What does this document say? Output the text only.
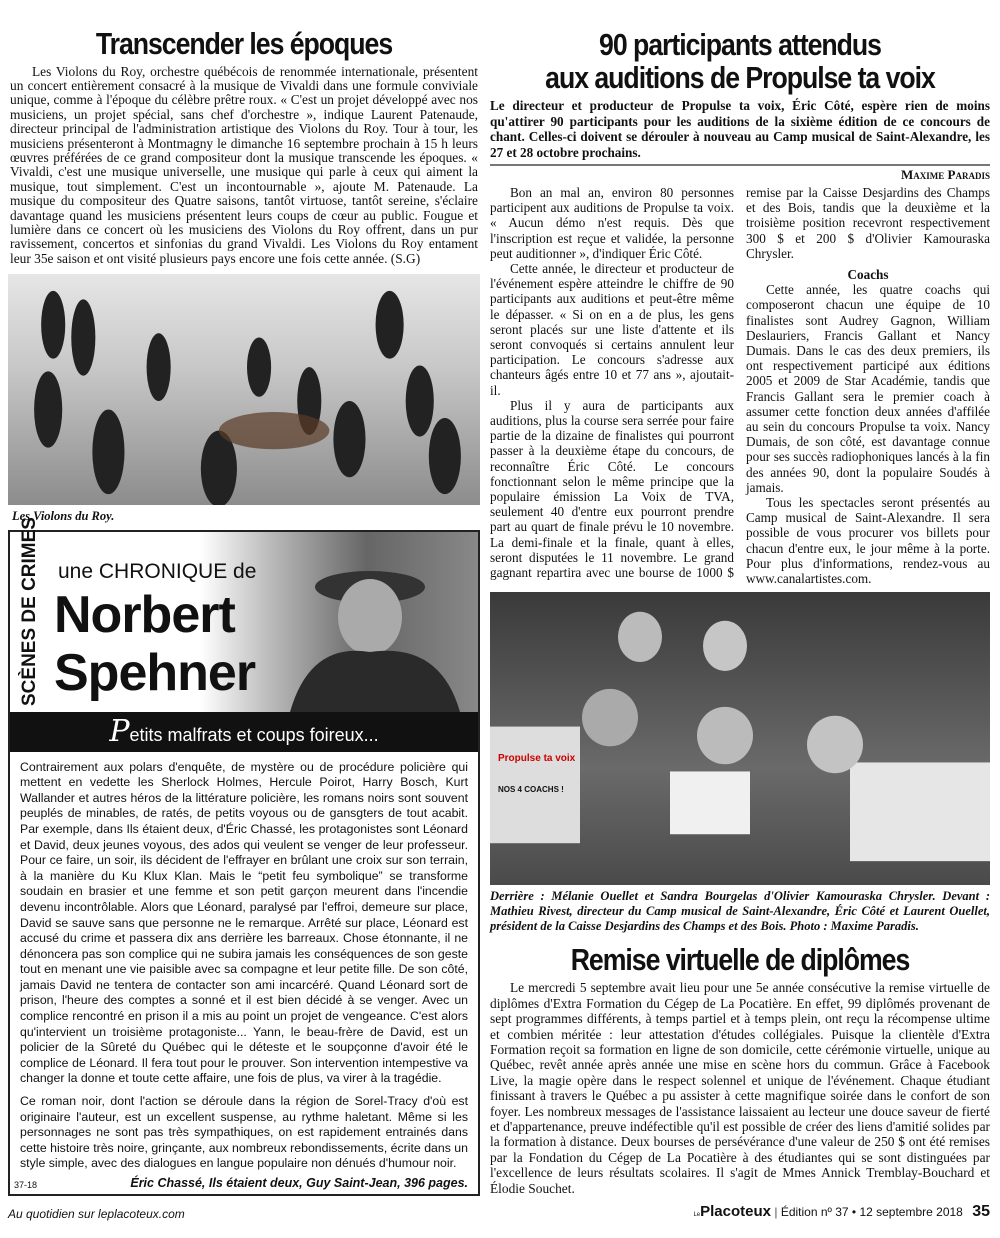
Transcender les époques

Les Violons du Roy, orchestre québécois de renommée internationale, présentent un concert entièrement consacré à la musique de Vivaldi dans une formule conviviale unique, comme à l'époque du célèbre prêtre roux. « C'est un projet développé avec nos musiciens, un projet spécial, sans chef d'orchestre », indique Laurent Patenaude, directeur principal de l'administration artistique des Violons du Roy. Tour à tour, les musiciens présenteront à Montmagny le dimanche 16 septembre prochain à 15 h leurs œuvres préférées de ce grand compositeur dont la musique transcende les époques. « Vivaldi, c'est une musique universelle, une musique qui parle à ceux qui aiment la musique, tout simplement. C'est un incontournable », ajoute M. Patenaude. La musique du compositeur des Quatre saisons, tantôt virtuose, tantôt sereine, s'éclaire davantage quand les musiciens présentent leurs coups de cœur au public. Fougue et lumière dans ce concert où les musiciens des Violons du Roy offrent, dans un pur ravissement, concertos et sinfonias du grand Vivaldi. Les Violons du Roy entament leur 35e saison et ont visité plusieurs pays encore une fois cette année. (S.G)

Les Violons du Roy.
SCÈNES DE CRIMES une CHRONIQUE de
Norbert
Spehner
Petits malfrats et coups foireux...

Contrairement aux polars d'enquête, de mystère ou de procédure policière qui mettent en vedette les Sherlock Holmes, Hercule Poirot, Harry Bosch, Kurt Wallander et autres héros de la littérature policière, les romans noirs sont souvent peuplés de minables, de ratés, de petits voyous ou de gansgters de tout acabit. Par exemple, dans Ils étaient deux, d'Éric Chassé, les protagonistes sont Léonard et David, deux jeunes voyous, des ados qui veulent se venger de leur professeur. Pour ce faire, un soir, ils décident de l'effrayer en brûlant une croix sur son terrain, à la manière du Ku Klux Klan. Mais le “petit feu symbolique” se transforme soudain en brasier et une femme et son petit garçon meurent dans l'incendie devenu incontrôlable. Alors que Léonard, paralysé par l'effroi, demeure sur place, David se sauve sans que personne ne le remarque. Arrêté sur place, Léonard est accusé du crime et passera dix ans derrière les barreaux. Chose étonnante, il ne dénoncera pas son complice qui ne subira jamais les conséquences de son geste tout en menant une vie paisible avec sa compagne et leur petite fille. De son côté, jamais David ne tentera de contacter son ami incarcéré. Quand Léonard sort de prison, l'heure des comptes a sonné et il est bien décidé à se venger. Avec un complice rencontré en prison il a mis au point un projet de vengeance. C'est alors qu'intervient un troisième protagoniste... Yann, le beau-frère de David, est un policier de la Sûreté du Québec qui le déteste et le soupçonne d'avoir été le complice de Léonard. Il fera tout pour le prouver. Son intervention intempestive va changer la donne et toute cette affaire, une fois de plus, va virer à la tragédie.

Ce roman noir, dont l'action se déroule dans la région de Sorel-Tracy d'où est originaire l'auteur, est un excellent suspense, au rythme haletant. Même si les personnages ne sont pas très sympathiques, on est rapidement entrainés dans cette histoire très noire, grinçante, aux nombreux rebondissements, écrite dans un style simple, avec des dialogues en langue populaire non dénués d'humour noir.

37-18	Éric Chassé, Ils étaient deux, Guy Saint-Jean, 396 pages.
90 participants attendus
aux auditions de Propulse ta voix
Le directeur et producteur de Propulse ta voix, Éric Côté, espère rien de moins qu'attirer 90 participants pour les auditions de la sixième édition de ce concours de chant. Celles-ci doivent se dérouler à nouveau au Camp musical de Saint-Alexandre, les 27 et 28 octobre prochains.
Maxime Paradis

Bon an mal an, environ 80 personnes participent aux auditions de Propulse ta voix. « Aucun démo n'est requis. Dès que l'inscription est reçue et validée, la personne peut auditionner », d'indiquer Éric Côté.

Cette année, le directeur et producteur de l'événement espère atteindre le chiffre de 90 participants aux auditions et peut-être même le dépasser. « Si on en a de plus, les gens seront placés sur une liste d'attente et ils seront convoqués si certains annulent leur participation. Le concours s'adresse aux chanteurs âgés entre 10 et 77 ans », ajoutait-il.

Plus il y aura de participants aux auditions, plus la course sera serrée pour faire partie de la dizaine de finalistes qui pourront passer à la deuxième étape du concours, de reconnaître Éric Côté. Le concours fonctionnant selon le même principe que la populaire émission La Voix de TVA, seulement 40 d'entre eux pourront prendre part au quart de finale prévu le 10 novembre. La demi-finale et la finale, quant à elles, seront disputées le 11 novembre. Le grand gagnant repartira avec une bourse de 1000 $ remise par la Caisse Desjardins des Champs et des Bois, tandis que la deuxième et la troisième position recevront respectivement 300 $ et 200 $ d'Olivier Kamouraska Chrysler.

Coachs

Cette année, les quatre coachs qui composeront chacun une équipe de 10 finalistes sont Audrey Gagnon, William Deslauriers, Francis Gallant et Nancy Dumais. Dans le cas des deux premiers, ils ont respectivement participé aux éditions 2005 et 2009 de Star Académie, tandis que Francis Gallant sera le premier coach à assumer cette fonction deux années d'affilée au sein du concours Propulse ta voix. Nancy Dumais, de son côté, est davantage connue pour ses succès radiophoniques lancés à la fin des années 90, dont la populaire Soudés à jamais.

Tous les spectacles seront présentés au Camp musical de Saint-Alexandre. Il sera possible de vous procurer vos billets pour chacun d'entre eux, le jour même à la porte. Pour plus d'informations, rendez-vous au www.canalartistes.com.

Propulse ta voix
NOS 4 COACHS !
Derrière : Mélanie Ouellet et Sandra Bourgelas d'Olivier Kamouraska Chrysler. Devant : Mathieu Rivest, directeur du Camp musical de Saint-Alexandre, Éric Côté et Laurent Ouellet, président de la Caisse Desjardins des Champs et des Bois. Photo : Maxime Paradis.
Remise virtuelle de diplômes

Le mercredi 5 septembre avait lieu pour une 5e année consécutive la remise virtuelle de diplômes d'Extra Formation du Cégep de La Pocatière. En effet, 99 diplômés provenant de sept programmes différents, à temps partiel et à temps plein, ont reçu la récompense ultime et combien méritée : leur attestation d'études collégiales. Puisque la clientèle d'Extra Formation reçoit sa formation en ligne de son domicile, cette cérémonie virtuelle, unique au Québec, revêt année après année une mise en scène hors du commun. Grâce à Facebook Live, la magie opère dans le respect solennel et unique de l'événement. Chaque étudiant finissant à travers le Québec a pu assister à cette magnifique soirée dans le confort de son foyer. Les nombreux messages de l'assistance laissaient au lecteur une douce saveur de fierté et d'appartenance, preuve indéfectible qu'il est possible de créer des liens d'amitié solides par la formation à distance. Deux bourses de persévérance d'une valeur de 250 $ ont été remises par la Fondation du Cégep de La Pocatière à des étudiantes qui se sont distinguées par l'excellence de leurs résultats scolaires. Il s'agit de Mmes Annick Tremblay-Bouchard et Élodie Souchet.

Au quotidien sur leplacoteux.com	LePlacoteux | Édition nº 37 • 12 septembre 2018 35
